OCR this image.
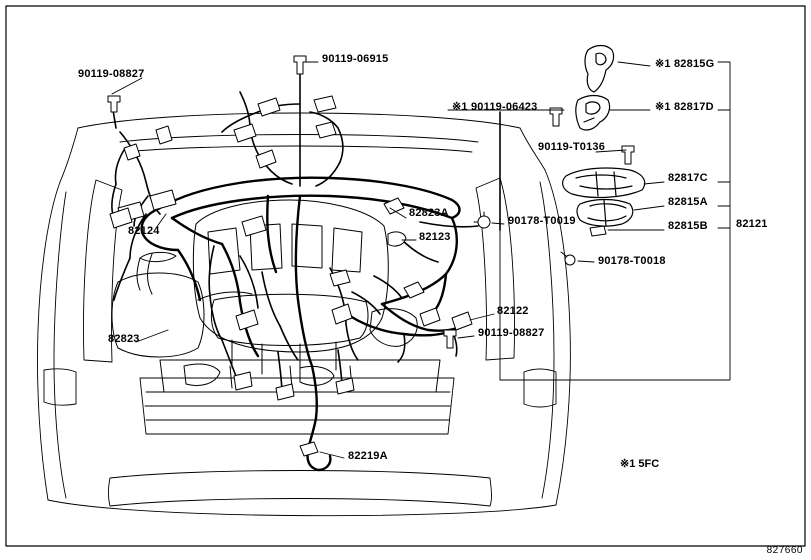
90119-08827
90119-06915
※1 90119-06423
90119-T0136
※1 82815G
※1 82817D
82817C
82815A
82815B	82121
82124
82823A
82123
90178-T0019
90178-T0018
82122
90119-08827
82823
82219A
※1 5FC
827660
